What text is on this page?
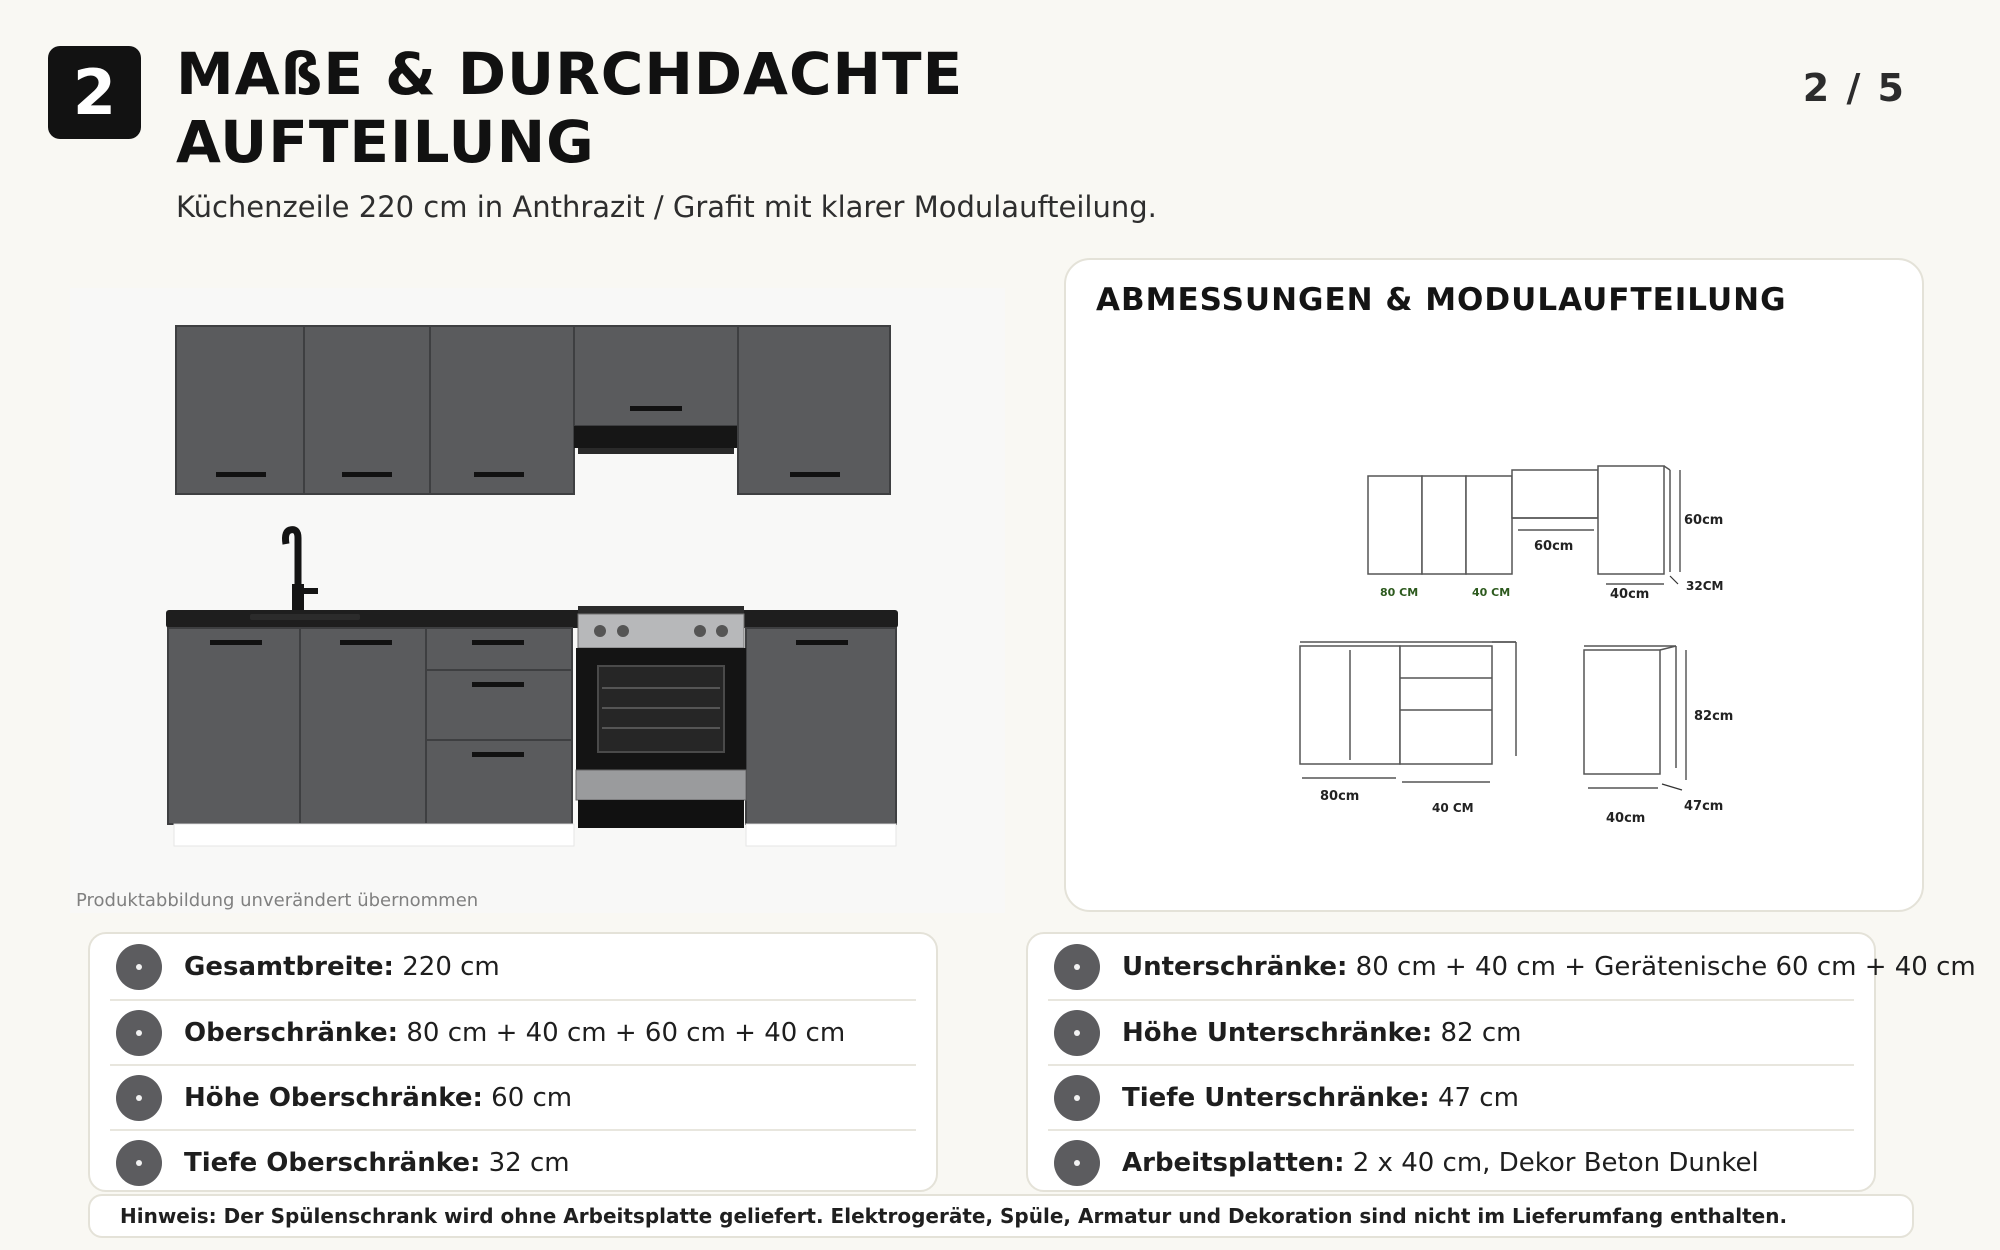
2	MAßE & DURCHDACHTE
AUFTEILUNG
Küchenzeile 220 cm in Anthrazit / Grafit mit klarer Modulaufteilung.
2 / 5
Produktabbildung unverändert übernommen
ABMESSUNGEN & MODULAUFTEILUNG
60cm
32CM
60cm
80 CM	40 CM	40cm
80cm
40 CM
82cm
47cm
40cm
Gesamtbreite: 220 cm
Oberschränke: 80 cm + 40 cm + 60 cm + 40 cm
Höhe Oberschränke: 60 cm
Tiefe Oberschränke: 32 cm
Unterschränke: 80 cm + 40 cm + Gerätenische 60 cm + 40 cm
Höhe Unterschränke: 82 cm
Tiefe Unterschränke: 47 cm
Arbeitsplatten: 2 x 40 cm, Dekor Beton Dunkel
Hinweis: Der Spülenschrank wird ohne Arbeitsplatte geliefert. Elektrogeräte, Spüle, Armatur und Dekoration sind nicht im Lieferumfang enthalten.
